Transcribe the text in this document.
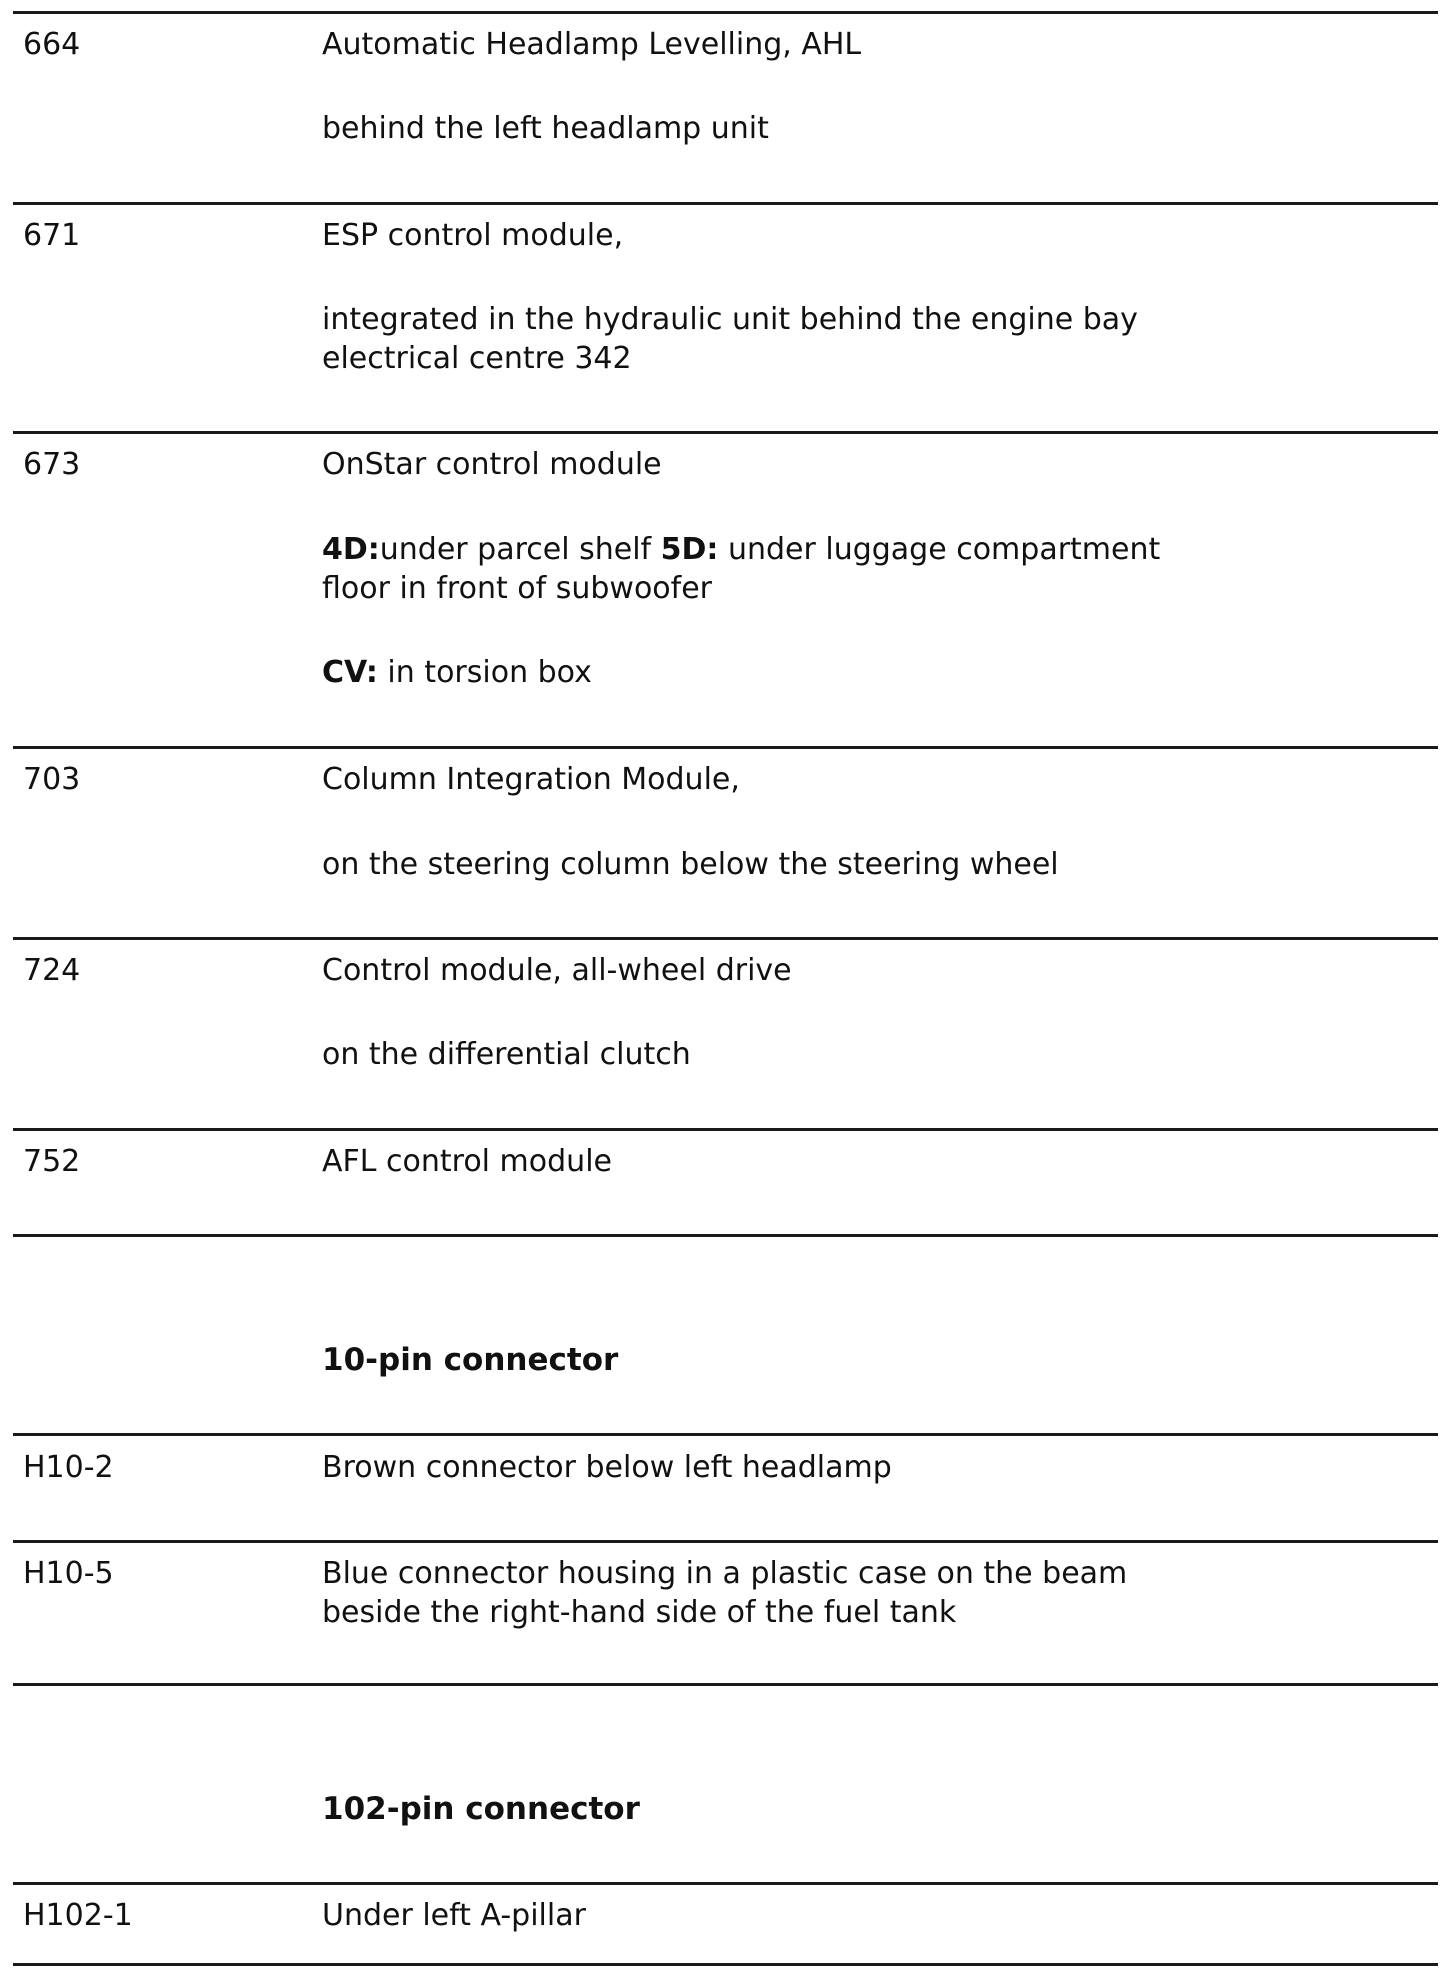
664	Automatic Headlamp Levelling, AHL
behind the left headlamp unit
671	ESP control module,
integrated in the hydraulic unit behind the engine bay
electrical centre 342
673	OnStar control module
4D:under parcel shelf 5D: under luggage compartment
floor in front of subwoofer
CV: in torsion box
703	Column Integration Module,
on the steering column below the steering wheel
724	Control module, all-wheel drive
on the differential clutch
752	AFL control module
10-pin connector
H10-2	Brown connector below left headlamp
H10-5	Blue connector housing in a plastic case on the beam
beside the right-hand side of the fuel tank
102-pin connector
H102-1	Under left A-pillar
